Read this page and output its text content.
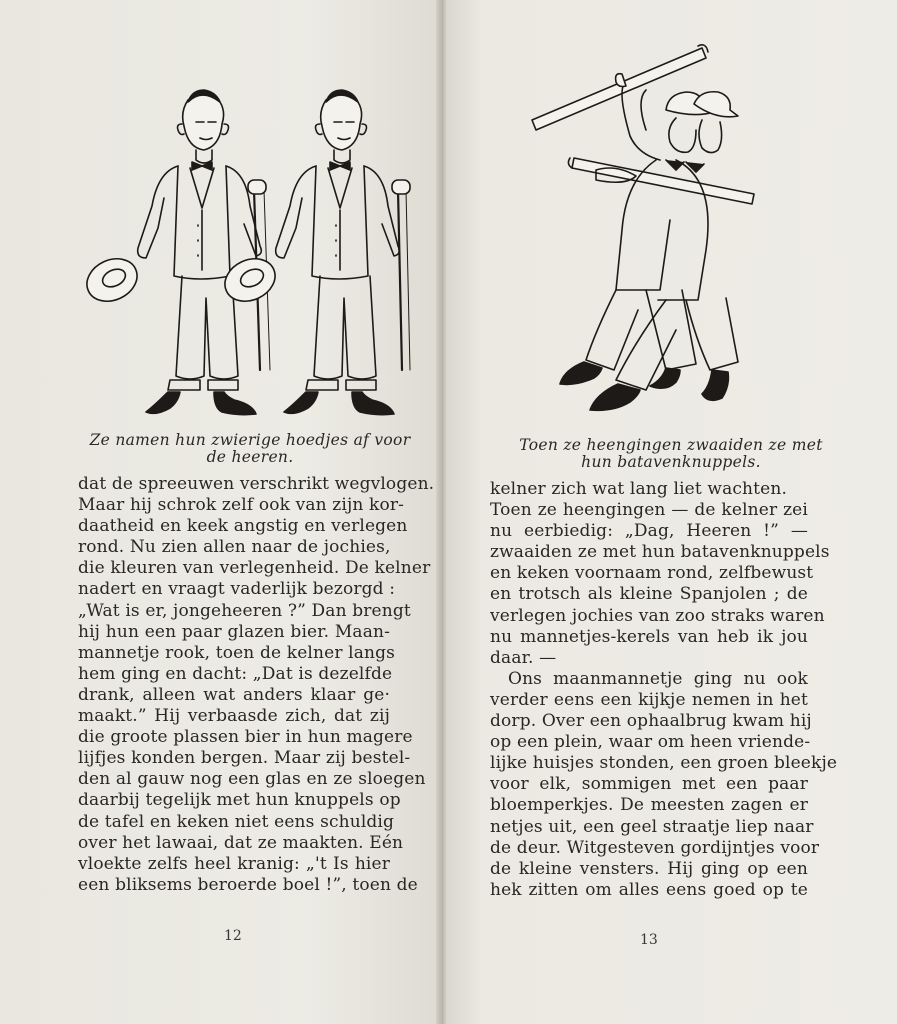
Ze namen hun zwierige hoedjes af voor
de heeren.
dat de spreeuwen verschrikt wegvlogen.
Maar hij schrok zelf ook van zijn kor-
daatheid en keek angstig en verlegen
rond. Nu zien allen naar de jochies,
die kleuren van verlegenheid. De kelner
nadert en vraagt vaderlijk bezorgd :
„Wat is er, jongeheeren ?” Dan brengt
hij hun een paar glazen bier. Maan-
mannetje rook, toen de kelner langs
hem ging en dacht: „Dat is dezelfde
drank, alleen wat anders klaar ge·
maakt.” Hij verbaasde zich, dat zij
die groote plassen bier in hun magere
lijfjes konden bergen. Maar zij bestel-
den al gauw nog een glas en ze sloegen
daarbij tegelijk met hun knuppels op
de tafel en keken niet eens schuldig
over het lawaai, dat ze maakten. Eén
vloekte zelfs heel kranig: „'t Is hier
een bliksems beroerde boel !”, toen de
12
Toen ze heengingen zwaaiden ze met
hun batavenknuppels.
kelner zich wat lang liet wachten.
Toen ze heengingen — de kelner zei
nu eerbiedig: „Dag, Heeren !” —
zwaaiden ze met hun batavenknuppels
en keken voornaam rond, zelfbewust
en trotsch als kleine Spanjolen ; de
verlegen jochies van zoo straks waren
nu mannetjes-kerels van heb ik jou
daar. —
Ons maanmannetje ging nu ook
verder eens een kijkje nemen in het
dorp. Over een ophaalbrug kwam hij
op een plein, waar om heen vriende-
lijke huisjes stonden, een groen bleekje
voor elk, sommigen met een paar
bloemperkjes. De meesten zagen er
netjes uit, een geel straatje liep naar
de deur. Witgesteven gordijntjes voor
de kleine vensters. Hij ging op een
hek zitten om alles eens goed op te
13
